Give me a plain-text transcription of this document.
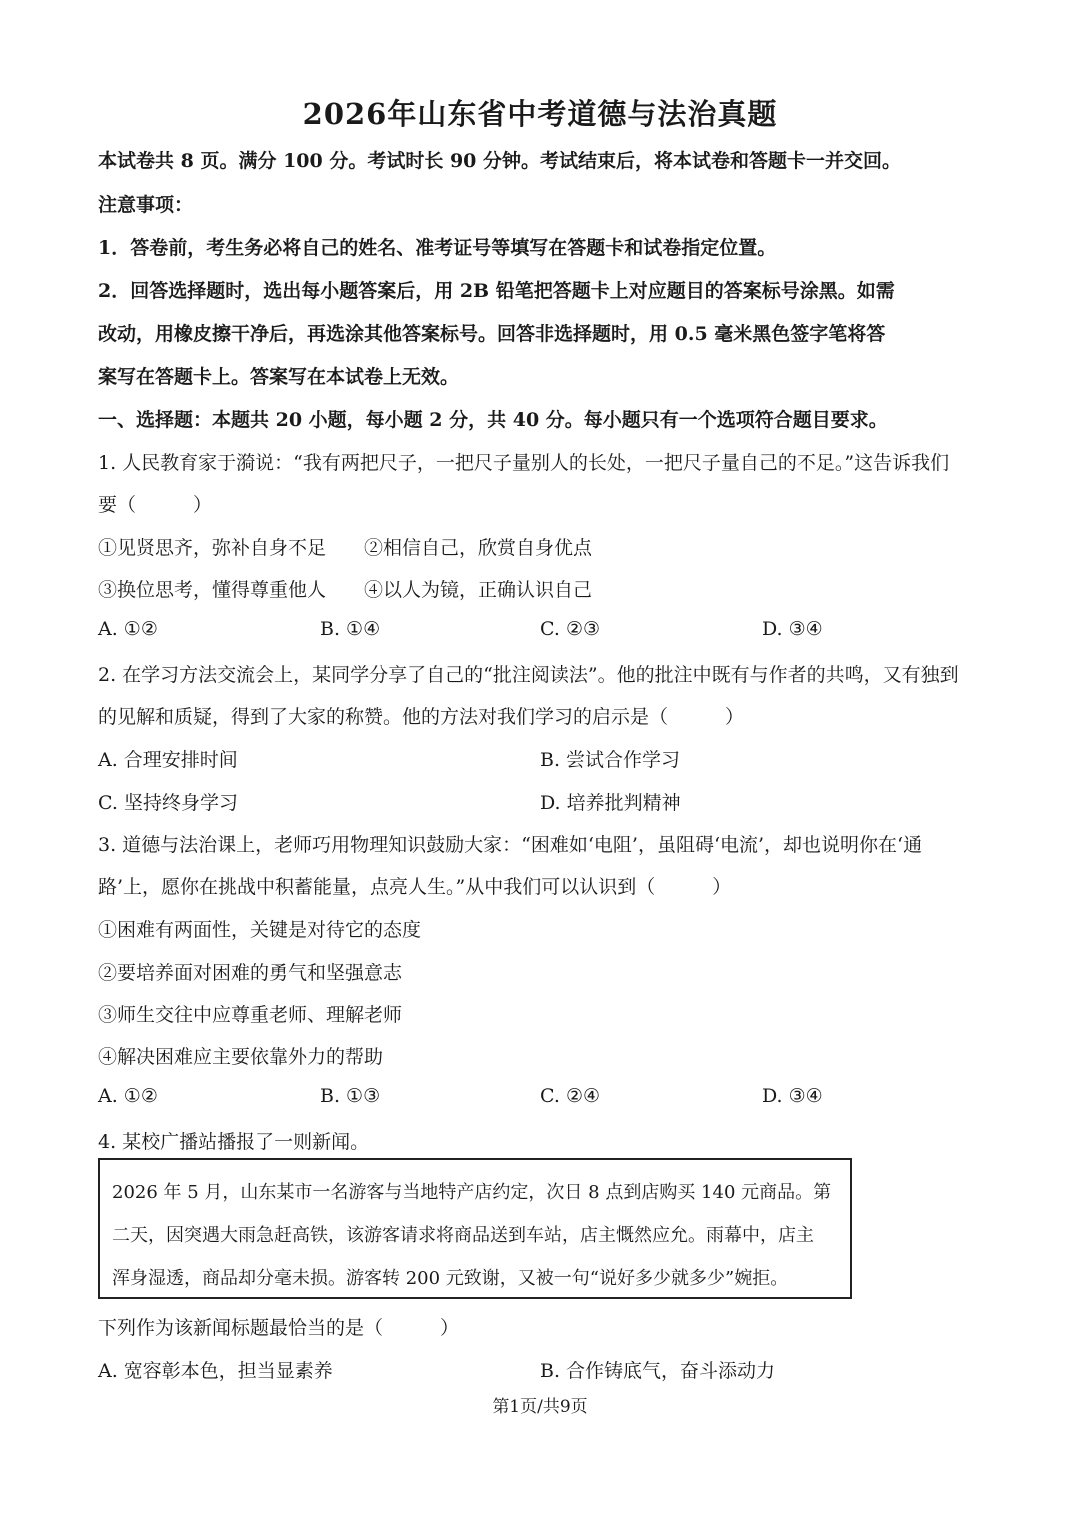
2026年山东省中考道德与法治真题
本试卷共 8 页。满分 100 分。考试时长 90 分钟。考试结束后，将本试卷和答题卡一并交回。
注意事项：
1．答卷前，考生务必将自己的姓名、准考证号等填写在答题卡和试卷指定位置。
2．回答选择题时，选出每小题答案后，用 2B 铅笔把答题卡上对应题目的答案标号涂黑。如需
改动，用橡皮擦干净后，再选涂其他答案标号。回答非选择题时，用 0.5 毫米黑色签字笔将答
案写在答题卡上。答案写在本试卷上无效。
一、选择题：本题共 20 小题，每小题 2 分，共 40 分。每小题只有一个选项符合题目要求。
1. 人民教育家于漪说：“我有两把尺子，一把尺子量别人的长处，一把尺子量自己的不足。”这告诉我们
要（　　　）
①见贤思齐，弥补自身不足 ②相信自己，欣赏自身优点
③换位思考，懂得尊重他人 ④以人为镜，正确认识自己
A. ①②	B. ①④	C. ②③	D. ③④
2. 在学习方法交流会上，某同学分享了自己的“批注阅读法”。他的批注中既有与作者的共鸣，又有独到
的见解和质疑，得到了大家的称赞。他的方法对我们学习的启示是（　　　）
A. 合理安排时间	B. 尝试合作学习
C. 坚持终身学习	D. 培养批判精神
3. 道德与法治课上，老师巧用物理知识鼓励大家：“困难如‘电阻’，虽阻碍‘电流’，却也说明你在‘通
路’上，愿你在挑战中积蓄能量，点亮人生。”从中我们可以认识到（　　　）
①困难有两面性，关键是对待它的态度
②要培养面对困难的勇气和坚强意志
③师生交往中应尊重老师、理解老师
④解决困难应主要依靠外力的帮助
A. ①②	B. ①③	C. ②④	D. ③④
4. 某校广播站播报了一则新闻。
2026 年 5 月，山东某市一名游客与当地特产店约定，次日 8 点到店购买 140 元商品。第
二天，因突遇大雨急赶高铁，该游客请求将商品送到车站，店主慨然应允。雨幕中，店主
浑身湿透，商品却分毫未损。游客转 200 元致谢，又被一句“说好多少就多少”婉拒。
下列作为该新闻标题最恰当的是（　　　）
A. 宽容彰本色，担当显素养	B. 合作铸底气，奋斗添动力
第1页/共9页
